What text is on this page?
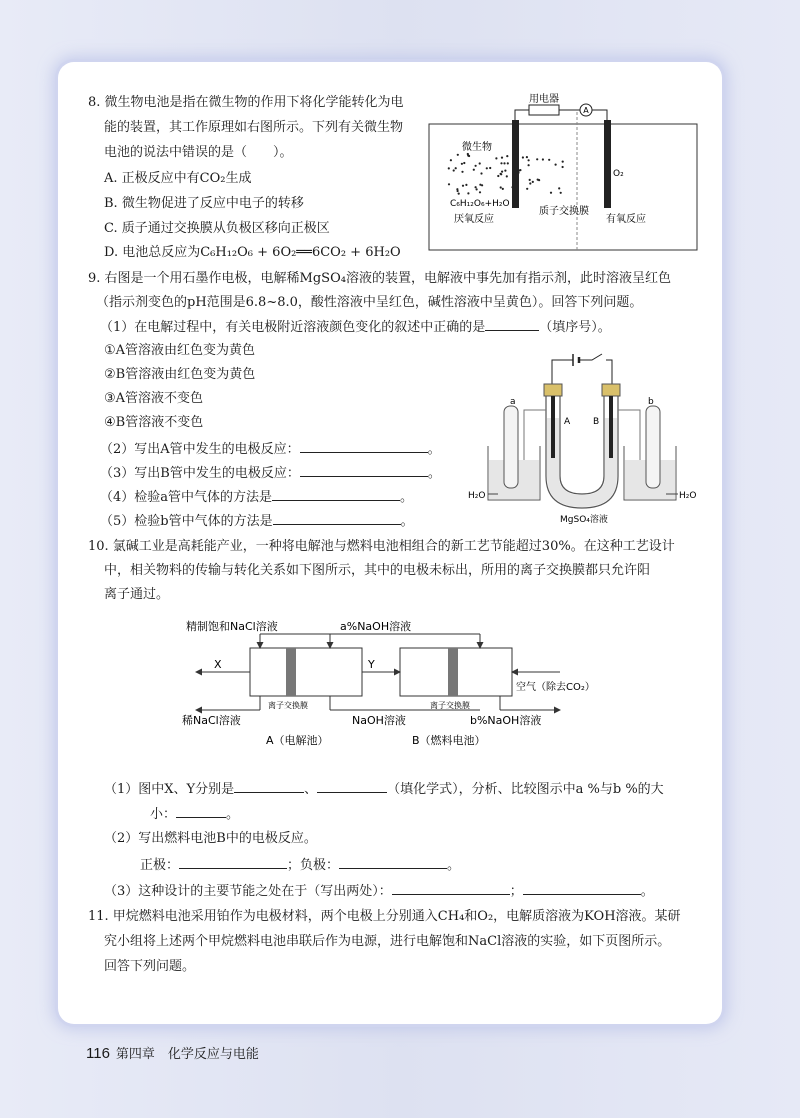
8. 微生物电池是指在微生物的作用下将化学能转化为电
能的装置，其工作原理如右图所示。下列有关微生物
电池的说法中错误的是（　　）。
A. 正极反应中有CO₂生成
B. 微生物促进了反应中电子的转移
C. 质子通过交换膜从负极区移向正极区
D. 电池总反应为C₆H₁₂O₆ + 6O₂══6CO₂ + 6H₂O
A
用电器
微生物
C₆H₁₂O₆+H₂O
O₂
厌氧反应
质子交换膜
有氧反应
9. 右图是一个用石墨作电极，电解稀MgSO₄溶液的装置，电解液中事先加有指示剂，此时溶液呈红色
（指示剂变色的pH范围是6.8~8.0，酸性溶液中呈红色，碱性溶液中呈黄色）。回答下列问题。
（1）在电解过程中，有关电极附近溶液颜色变化的叙述中正确的是	（填序号）。
①A管溶液由红色变为黄色
②B管溶液由红色变为黄色
③A管溶液不变色
④B管溶液不变色
（2）写出A管中发生的电极反应：	。
（3）写出B管中发生的电极反应：	。
（4）检验a管中气体的方法是	。
（5）检验b管中气体的方法是	。
a
A	B
b
H₂O	H₂O
MgSO₄溶液
10. 氯碱工业是高耗能产业，一种将电解池与燃料电池相组合的新工艺节能超过30%。在这种工艺设计
中，相关物料的传输与转化关系如下图所示，其中的电极未标出，所用的离子交换膜都只允许阳
离子通过。
精制饱和NaCl溶液	a%NaOH溶液
X	Y
空气（除去CO₂）
离子交换膜	离子交换膜
稀NaCl溶液	NaOH溶液	b%NaOH溶液
A（电解池）	B（燃料电池）
（1）图中X、Y分别是	、	（填化学式），分析、比较图示中a %与b %的大
小：	。
（2）写出燃料电池B中的电极反应。
正极：	；负极：	。
（3）这种设计的主要节能之处在于（写出两处）：	；	。
11. 甲烷燃料电池采用铂作为电极材料，两个电极上分别通入CH₄和O₂，电解质溶液为KOH溶液。某研
究小组将上述两个甲烷燃料电池串联后作为电源，进行电解饱和NaCl溶液的实验，如下页图所示。
回答下列问题。
116 第四章　化学反应与电能
